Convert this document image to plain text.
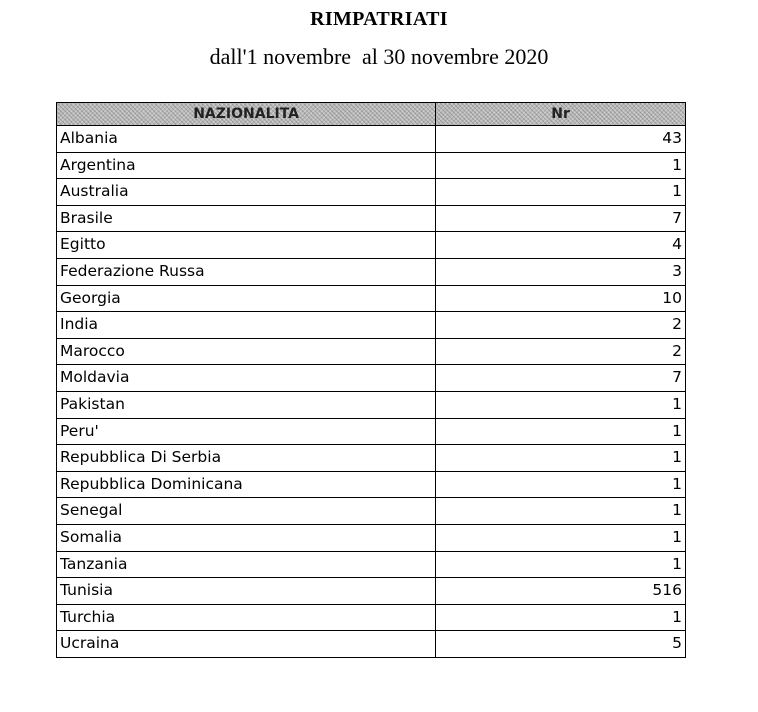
RIMPATRIATI
dall'1 novembre  al 30 novembre 2020
NAZIONALITA	Nr
Albania	43
Argentina	1
Australia	1
Brasile	7
Egitto	4
Federazione Russa	3
Georgia	10
India	2
Marocco	2
Moldavia	7
Pakistan	1
Peru'	1
Repubblica Di Serbia	1
Repubblica Dominicana	1
Senegal	1
Somalia	1
Tanzania	1
Tunisia	516
Turchia	1
Ucraina	5
